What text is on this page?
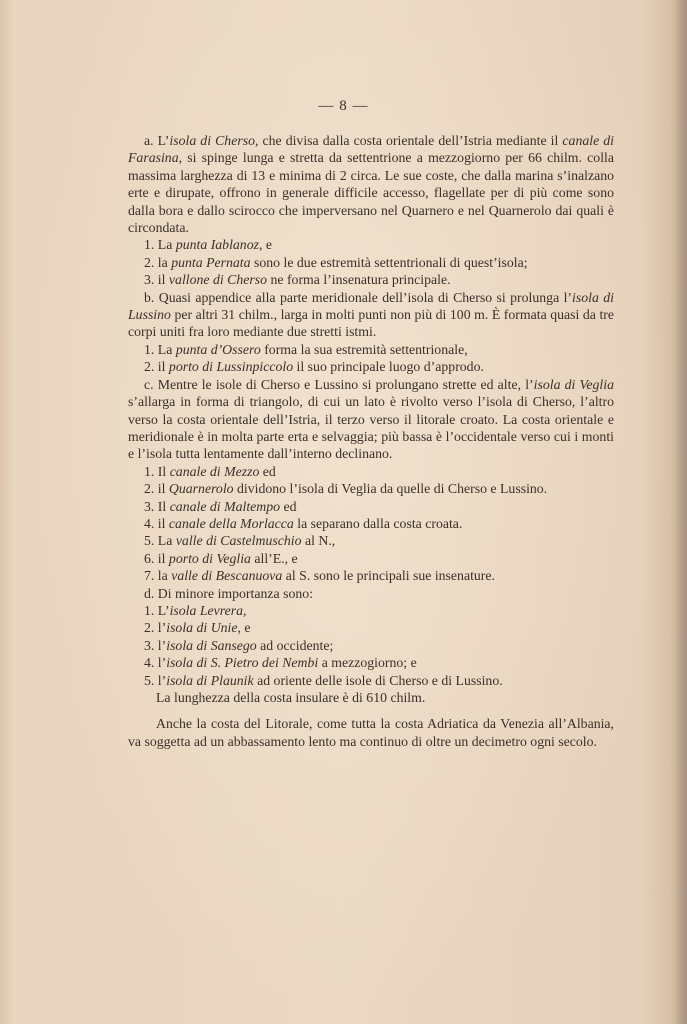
— 8 —

a. L’isola di Cherso, che divisa dalla costa orientale dell’Istria mediante il canale di Farasina, si spinge lunga e stretta da settentrione a mezzogiorno per 66 chilm. colla massima larghezza di 13 e minima di 2 circa. Le sue coste, che dalla marina s’inalzano erte e dirupate, offrono in generale difficile accesso, flagellate per di più come sono dalla bora e dallo scirocco che imperversano nel Quarnero e nel Quarnerolo dai quali è circondata.

1. La punta Iablanoz, e

2. la punta Pernata sono le due estremità settentrionali di quest’isola;

3. il vallone di Cherso ne forma l’insenatura principale.

b. Quasi appendice alla parte meridionale dell’isola di Cherso si prolunga l’isola di Lussino per altri 31 chilm., larga in molti punti non più di 100 m. È formata quasi da tre corpi uniti fra loro mediante due stretti istmi.

1. La punta d’Ossero forma la sua estremità settentrionale,

2. il porto di Lussinpiccolo il suo principale luogo d’approdo.

c. Mentre le isole di Cherso e Lussino si prolungano strette ed alte, l’isola di Veglia s’allarga in forma di triangolo, di cui un lato è rivolto verso l’isola di Cherso, l’altro verso la costa orientale dell’Istria, il terzo verso il litorale croato. La costa orientale e meridionale è in molta parte erta e selvaggia; più bassa è l’occidentale verso cui i monti e l’isola tutta lentamente dall’interno declinano.

1. Il canale di Mezzo ed

2. il Quarnerolo dividono l’isola di Veglia da quelle di Cherso e Lussino.

3. Il canale di Maltempo ed

4. il canale della Morlacca la separano dalla costa croata.

5. La valle di Castelmuschio al N.,

6. il porto di Veglia all’E., e

7. la valle di Bescanuova al S. sono le principali sue insenature.

d. Di minore importanza sono:

1. L’isola Levrera,

2. l’isola di Unie, e

3. l’isola di Sansego ad occidente;

4. l’isola di S. Pietro dei Nembi a mezzogiorno; e

5. l’isola di Plaunik ad oriente delle isole di Cherso e di Lussino.

La lunghezza della costa insulare è di 610 chilm.

Anche la costa del Litorale, come tutta la costa Adriatica da Venezia all’Albania, va soggetta ad un abbassamento lento ma continuo di oltre un decimetro ogni secolo.
